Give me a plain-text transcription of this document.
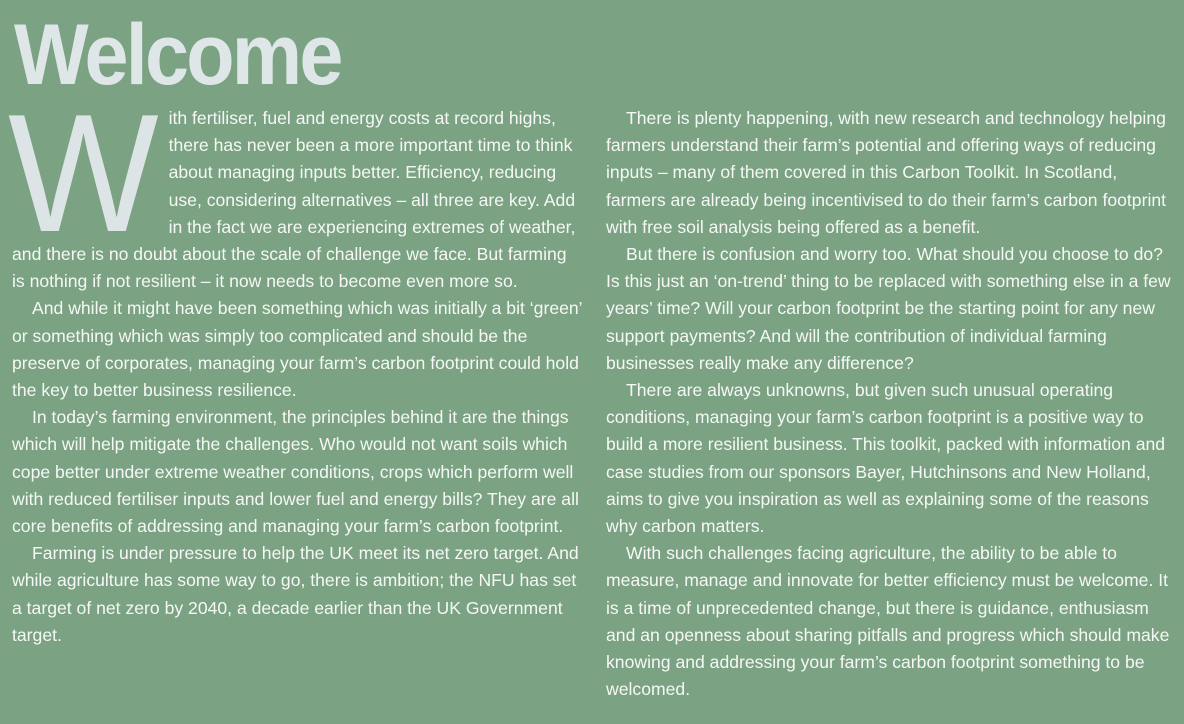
Welcome

With fertiliser, fuel and energy costs at record highs, there has never been a more important time to think about managing inputs better. Efficiency, reducing use, considering alternatives – all three are key. Add in the fact we are experiencing extremes of weather, and there is no doubt about the scale of challenge we face. But farming is nothing if not resilient – it now needs to become even more so.

And while it might have been something which was initially a bit ‘green’ or something which was simply too complicated and should be the preserve of corporates, managing your farm’s carbon footprint could hold the key to better business resilience.

In today’s farming environment, the principles behind it are the things which will help mitigate the challenges. Who would not want soils which cope better under extreme weather conditions, crops which perform well with reduced fertiliser inputs and lower fuel and energy bills? They are all core benefits of addressing and managing your farm’s carbon footprint.

Farming is under pressure to help the UK meet its net zero target. And while agriculture has some way to go, there is ambition; the NFU has set a target of net zero by 2040, a decade earlier than the UK Government target.

There is plenty happening, with new research and technology helping farmers understand their farm’s potential and offering ways of reducing inputs – many of them covered in this Carbon Toolkit. In Scotland, farmers are already being incentivised to do their farm’s carbon footprint with free soil analysis being offered as a benefit.

But there is confusion and worry too. What should you choose to do? Is this just an ‘on-trend’ thing to be replaced with something else in a few years’ time? Will your carbon footprint be the starting point for any new support payments? And will the contribution of individual farming businesses really make any difference?

There are always unknowns, but given such unusual operating conditions, managing your farm’s carbon footprint is a positive way to build a more resilient business. This toolkit, packed with information and case studies from our sponsors Bayer, Hutchinsons and New Holland, aims to give you inspiration as well as explaining some of the reasons why carbon matters.

With such challenges facing agriculture, the ability to be able to measure, manage and innovate for better efficiency must be welcome. It is a time of unprecedented change, but there is guidance, enthusiasm and an openness about sharing pitfalls and progress which should make knowing and addressing your farm’s carbon footprint something to be welcomed.
